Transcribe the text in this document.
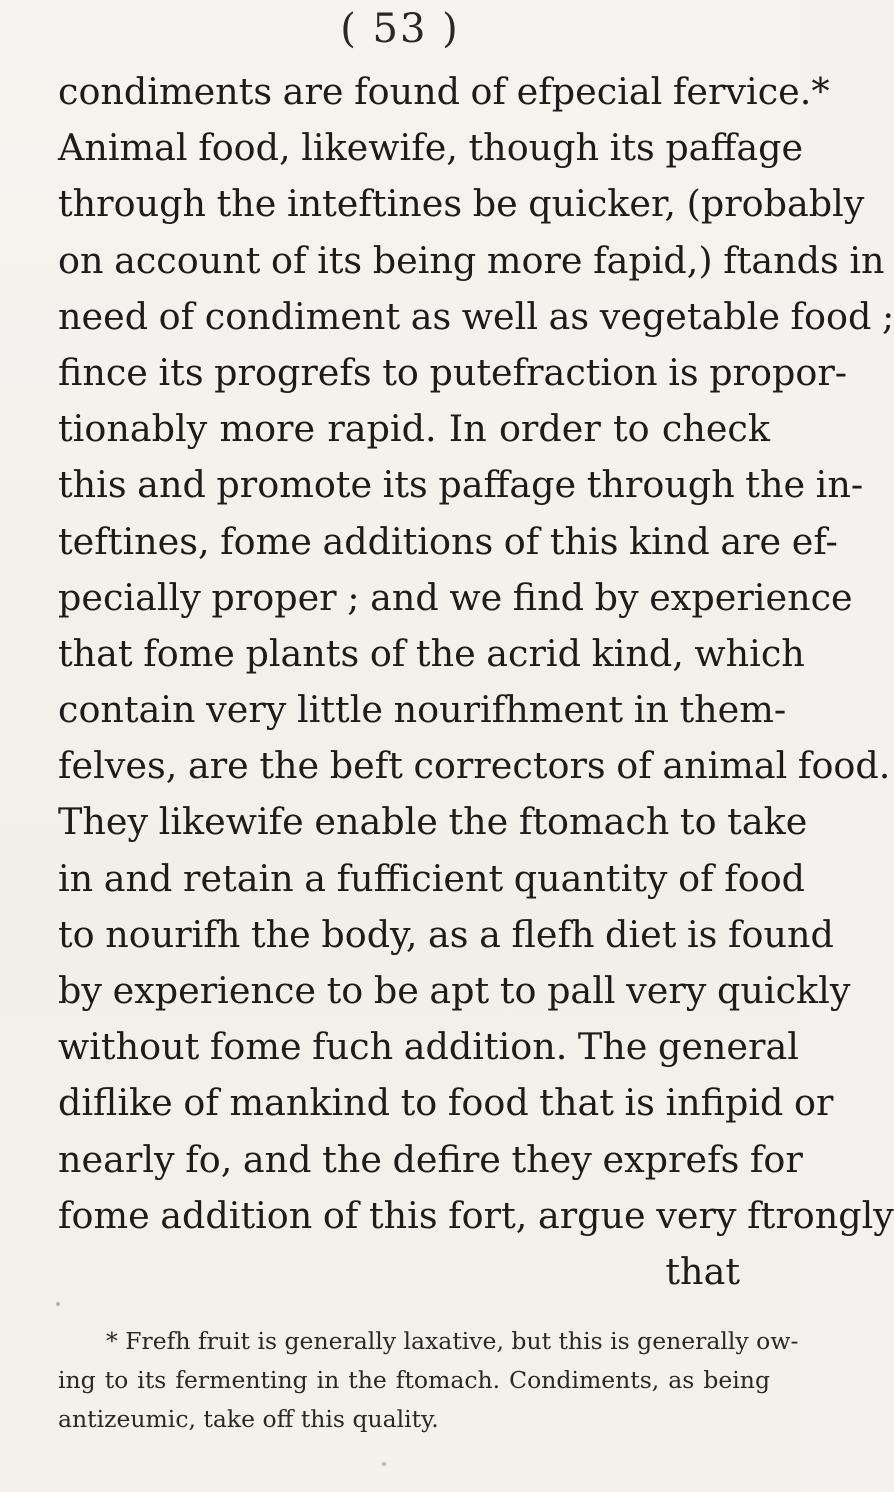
( 53 )

condiments are found of efpecial fervice.*
Animal food, likewife, though its paffage
through the inteftines be quicker, (probably
on account of its being more fapid,) ftands in
need of condiment as well as vegetable food ;
fince its progrefs to putefraction is propor-
tionably more rapid. In order to check
this and promote its paffage through the in-
teftines, fome additions of this kind are ef-
pecially proper ; and we find by experience
that fome plants of the acrid kind, which
contain very little nourifhment in them-
felves, are the beft correctors of animal food.
They likewife enable the ftomach to take
in and retain a fufficient quantity of food
to nourifh the body, as a flefh diet is found
by experience to be apt to pall very quickly
without fome fuch addition. The general
diflike of mankind to food that is infipid or
nearly fo, and the defire they exprefs for
fome addition of this fort, argue very ftrongly
that
* Frefh fruit is generally laxative, but this is generally ow-
ing to its fermenting in the ftomach. Condiments, as being
antizeumic, take off this quality.
